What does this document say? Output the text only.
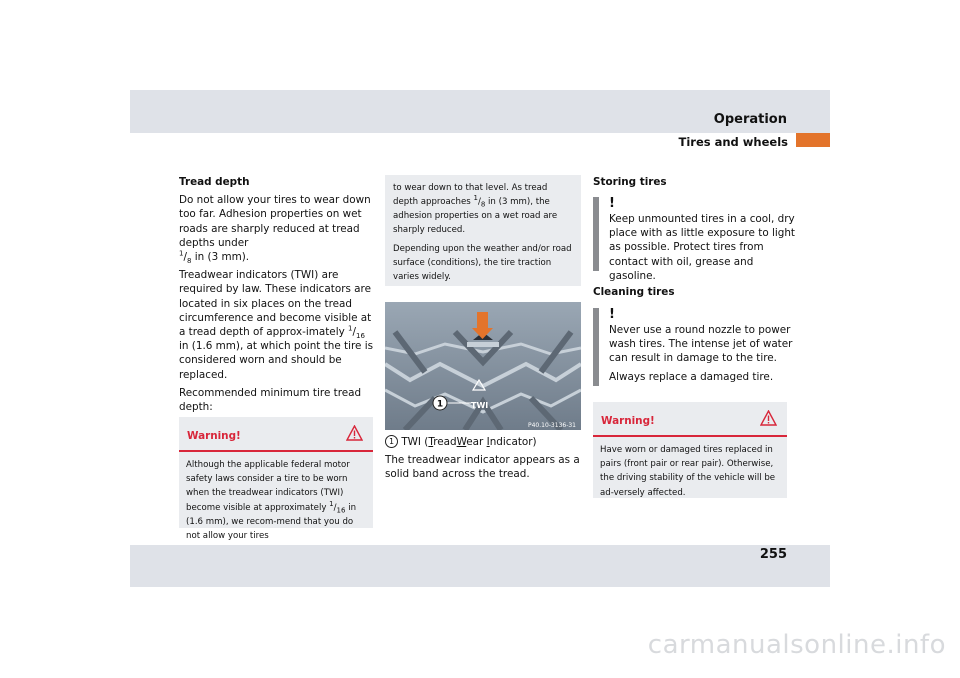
Operation
Tires and wheels

Tread depth

Do not allow your tires to wear down too far. Adhesion properties on wet roads are sharply reduced at tread depths under
$^1/_8$ in (3 mm).

Treadwear indicators (TWI) are required by law. These indicators are located in six places on the tread circumference and become visible at a tread depth of approx-imately $^1/_{16}$ in (1.6 mm), at which point the tire is considered worn and should be replaced.

Recommended minimum tire tread depth:

•
•
Warning!
Although the applicable federal motor safety laws consider a tire to be worn when the treadwear indicators (TWI) become visible at approximately $^1/_{16}$ in (1.6 mm), we recom-mend that you do not allow your tires

to wear down to that level. As tread depth approaches $^1/_8$ in (3 mm), the adhesion properties on a wet road are sharply reduced.

Depending upon the weather and/or road surface (conditions), the tire traction varies widely.

TWI
1
P40.10-3136-31

1 TWI (TreadWear Indicator)

The treadwear indicator appears as a solid band across the tread.

Storing tires
!

Keep unmounted tires in a cool, dry place with as little exposure to light as possible. Protect tires from contact with oil, grease and gasoline.

Cleaning tires
!

Never use a round nozzle to power wash tires. The intense jet of water can result in damage to the tire.

Always replace a damaged tire.

Warning!
Have worn or damaged tires replaced in pairs (front pair or rear pair). Otherwise, the driving stability of the vehicle will be ad-versely affected.
255
carmanualsonline.info
